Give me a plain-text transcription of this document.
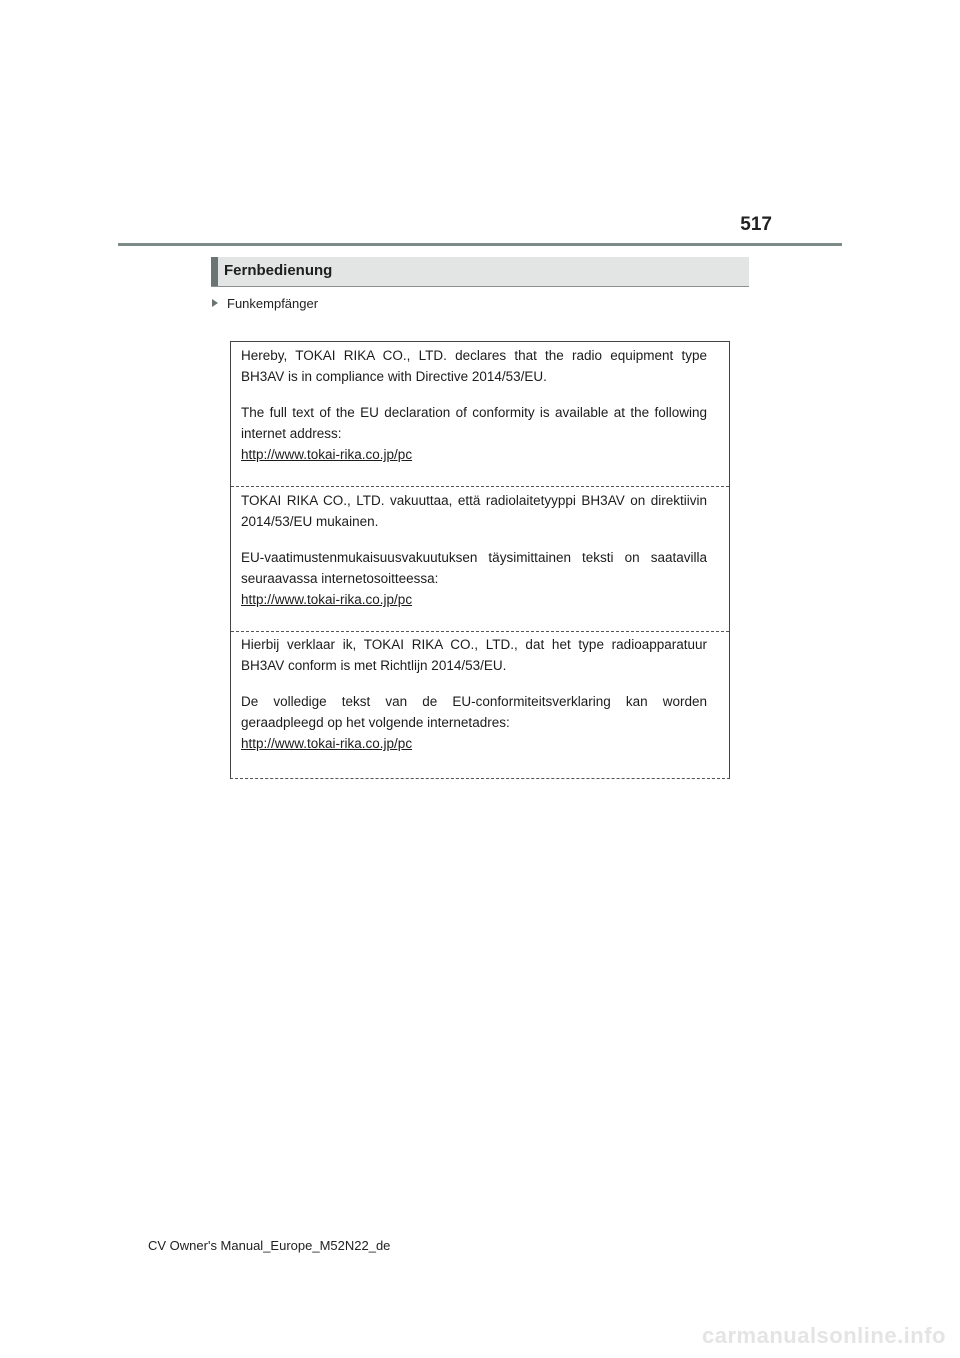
517
Fernbedienung
Funkempfänger

Hereby, TOKAI RIKA CO., LTD. declares that the radio equipment type BH3AV is in compliance with Directive 2014/53/EU.

The full text of the EU declaration of conformity is available at the following internet address:

http://www.tokai-rika.co.jp/pc

TOKAI RIKA CO., LTD. vakuuttaa, että radiolaitetyyppi BH3AV on direktiivin 2014/53/EU mukainen.

EU-vaatimustenmukaisuusvakuutuksen täysimittainen teksti on saatavilla seuraavassa internetosoitteessa:

http://www.tokai-rika.co.jp/pc

Hierbij verklaar ik, TOKAI RIKA CO., LTD., dat het type radioapparatuur BH3AV conform is met Richtlijn 2014/53/EU.

De volledige tekst van de EU-conformiteitsverklaring kan worden geraadpleegd op het volgende internetadres:

http://www.tokai-rika.co.jp/pc

CV Owner's Manual_Europe_M52N22_de
carmanualsonline.info
